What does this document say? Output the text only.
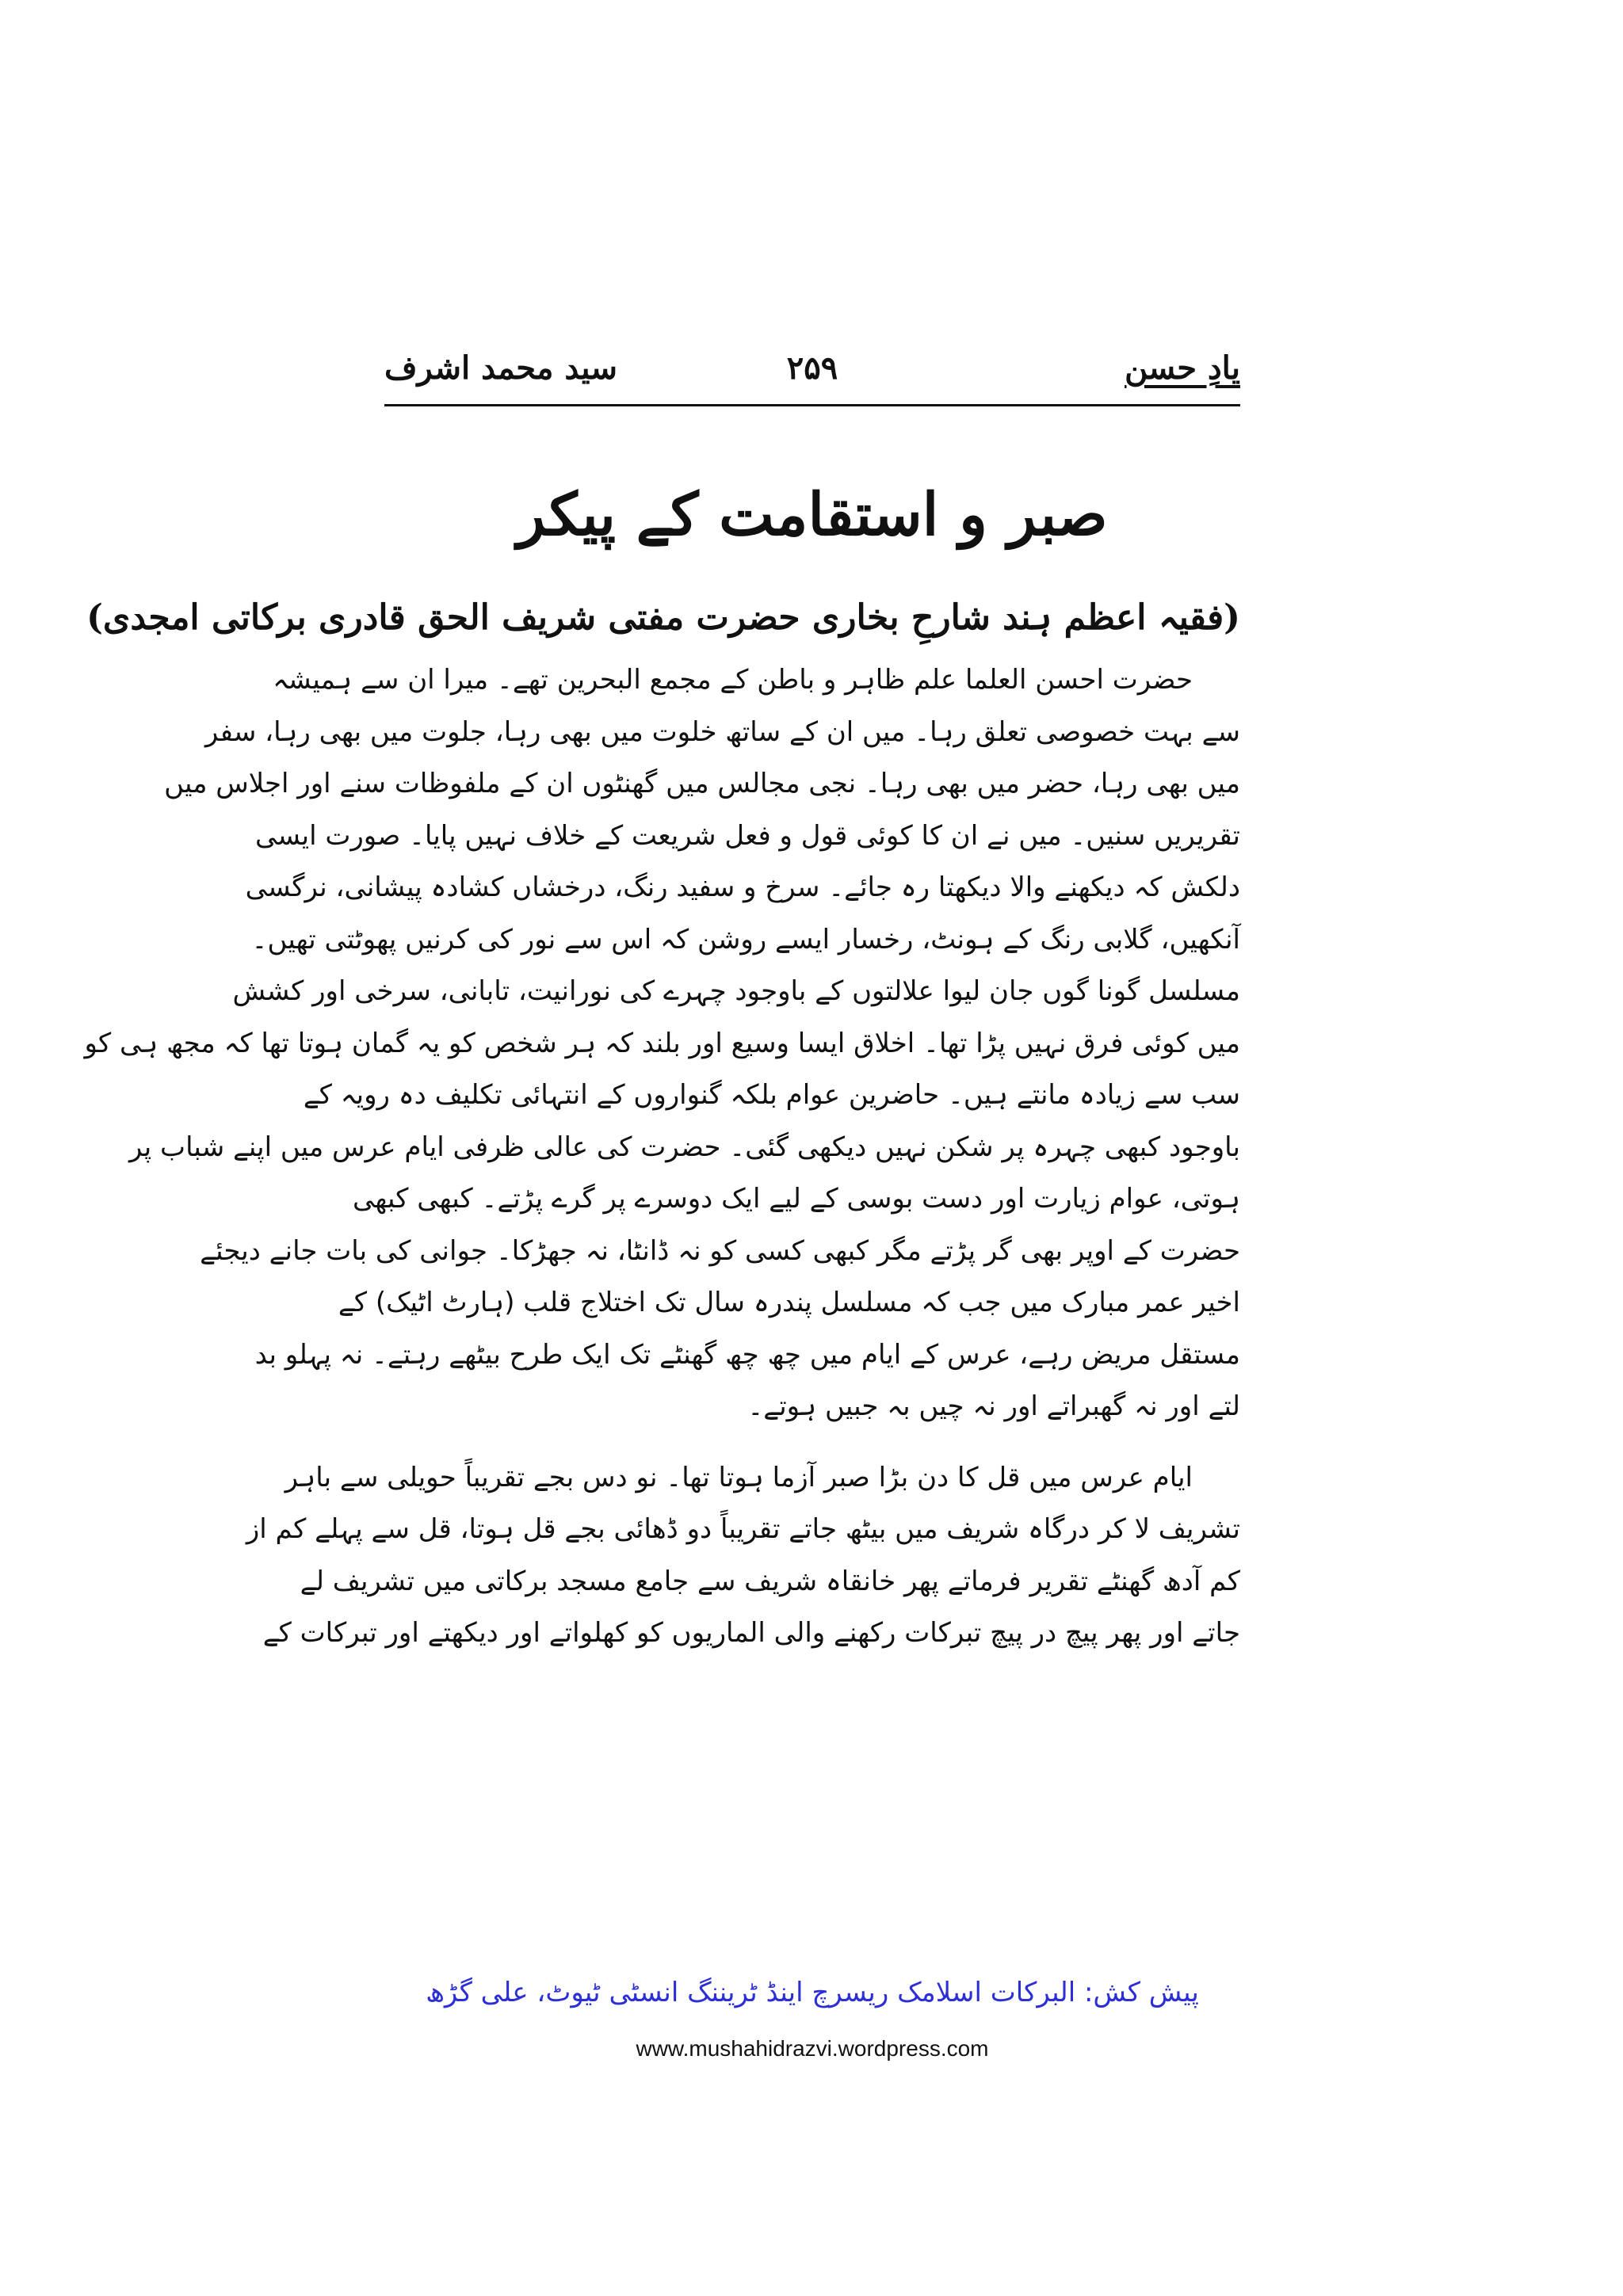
سید محمد اشرف	۲۵۹	یادِ حسن
صبر و استقامت کے پیکر
(فقیہ اعظم ہند شارحِ بخاری حضرت مفتی شریف الحق قادری برکاتی امجدی)
حضرت احسن العلما علم ظاہر و باطن کے مجمع البحرین تھے۔ میرا ان سے ہمیشہ
سے بہت خصوصی تعلق رہا۔ میں ان کے ساتھ خلوت میں بھی رہا، جلوت میں بھی رہا، سفر
میں بھی رہا، حضر میں بھی رہا۔ نجی مجالس میں گھنٹوں ان کے ملفوظات سنے اور اجلاس میں
تقریریں سنیں۔ میں نے ان کا کوئی قول و فعل شریعت کے خلاف نہیں پایا۔ صورت ایسی
دلکش کہ دیکھنے والا دیکھتا رہ جائے۔ سرخ و سفید رنگ، درخشاں کشادہ پیشانی، نرگسی
آنکھیں، گلابی رنگ کے ہونٹ، رخسار ایسے روشن کہ اس سے نور کی کرنیں پھوٹتی تھیں۔
مسلسل گونا گوں جان لیوا علالتوں کے باوجود چہرے کی نورانیت، تابانی، سرخی اور کشش
میں کوئی فرق نہیں پڑا تھا۔ اخلاق ایسا وسیع اور بلند کہ ہر شخص کو یہ گمان ہوتا تھا کہ مجھ ہی کو
سب سے زیادہ مانتے ہیں۔ حاضرین عوام بلکہ گنواروں کے انتہائی تکلیف دہ رویہ کے
باوجود کبھی چہرہ پر شکن نہیں دیکھی گئی۔ حضرت کی عالی ظرفی ایام عرس میں اپنے شباب پر
ہوتی، عوام زیارت اور دست بوسی کے لیے ایک دوسرے پر گرے پڑتے۔ کبھی کبھی
حضرت کے اوپر بھی گر پڑتے مگر کبھی کسی کو نہ ڈانٹا، نہ جھڑکا۔ جوانی کی بات جانے دیجئے
اخیر عمر مبارک میں جب کہ مسلسل پندرہ سال تک اختلاج قلب (ہارٹ اٹیک) کے
مستقل مریض رہے، عرس کے ایام میں چھ چھ گھنٹے تک ایک طرح بیٹھے رہتے۔ نہ پہلو بد
لتے اور نہ گھبراتے اور نہ چیں بہ جبیں ہوتے۔
ایام عرس میں قل کا دن بڑا صبر آزما ہوتا تھا۔ نو دس بجے تقریباً حویلی سے باہر
تشریف لا کر درگاہ شریف میں بیٹھ جاتے تقریباً دو ڈھائی بجے قل ہوتا، قل سے پہلے کم از
کم آدھ گھنٹے تقریر فرماتے پھر خانقاہ شریف سے جامع مسجد برکاتی میں تشریف لے
جاتے اور پھر پیچ در پیچ تبرکات رکھنے والی الماریوں کو کھلواتے اور دیکھتے اور تبرکات کے
پیش کش: البرکات اسلامک ریسرچ اینڈ ٹریننگ انسٹی ٹیوٹ، علی گڑھ
www.mushahidrazvi.wordpress.com
